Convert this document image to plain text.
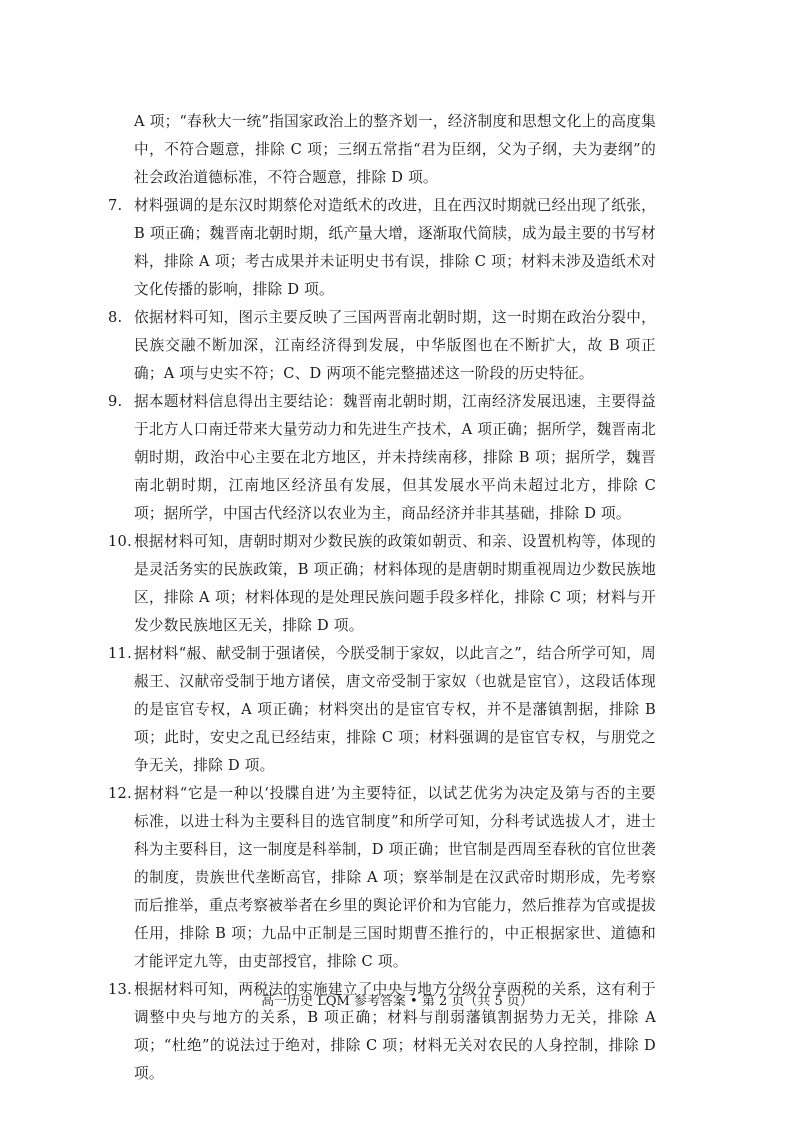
A 项；“春秋大一统”指国家政治上的整齐划一，经济制度和思想文化上的高度集中，不符合题意，排除 C 项；三纲五常指“君为臣纲，父为子纲，夫为妻纲”的社会政治道德标准，不符合题意，排除 D 项。

7. 材料强调的是东汉时期蔡伦对造纸术的改进，且在西汉时期就已经出现了纸张，B 项正确；魏晋南北朝时期，纸产量大增，逐渐取代简牍，成为最主要的书写材料，排除 A 项；考古成果并未证明史书有误，排除 C 项；材料未涉及造纸术对文化传播的影响，排除 D 项。

8. 依据材料可知，图示主要反映了三国两晋南北朝时期，这一时期在政治分裂中，民族交融不断加深，江南经济得到发展，中华版图也在不断扩大，故 B 项正确；A 项与史实不符；C、D 两项不能完整描述这一阶段的历史特征。

9. 据本题材料信息得出主要结论：魏晋南北朝时期，江南经济发展迅速，主要得益于北方人口南迁带来大量劳动力和先进生产技术，A 项正确；据所学，魏晋南北朝时期，政治中心主要在北方地区，并未持续南移，排除 B 项；据所学，魏晋南北朝时期，江南地区经济虽有发展，但其发展水平尚未超过北方，排除 C 项；据所学，中国古代经济以农业为主，商品经济并非其基础，排除 D 项。

10. 根据材料可知，唐朝时期对少数民族的政策如朝贡、和亲、设置机构等，体现的是灵活务实的民族政策，B 项正确；材料体现的是唐朝时期重视周边少数民族地区，排除 A 项；材料体现的是处理民族问题手段多样化，排除 C 项；材料与开发少数民族地区无关，排除 D 项。

11. 据材料“赧、献受制于强诸侯，今朕受制于家奴，以此言之”，结合所学可知，周赧王、汉献帝受制于地方诸侯，唐文帝受制于家奴（也就是宦官），这段话体现的是宦官专权，A 项正确；材料突出的是宦官专权，并不是藩镇割据，排除 B 项；此时，安史之乱已经结束，排除 C 项；材料强调的是宦官专权，与朋党之争无关，排除 D 项。

12. 据材料“它是一种以‘投牒自进’为主要特征，以试艺优劣为决定及第与否的主要标准，以进士科为主要科目的选官制度”和所学可知，分科考试选拔人才，进士科为主要科目，这一制度是科举制，D 项正确；世官制是西周至春秋的官位世袭的制度，贵族世代垄断高官，排除 A 项；察举制是在汉武帝时期形成，先考察而后推举，重点考察被举者在乡里的舆论评价和为官能力，然后推荐为官或提拔任用，排除 B 项；九品中正制是三国时期曹丕推行的，中正根据家世、道德和才能评定九等，由吏部授官，排除 C 项。

13. 根据材料可知，两税法的实施建立了中央与地方分级分享两税的关系，这有利于调整中央与地方的关系，B 项正确；材料与削弱藩镇割据势力无关，排除 A 项；“杜绝”的说法过于绝对，排除 C 项；材料无关对农民的人身控制，排除 D 项。

高一历史 LQM 参考答案 • 第 2 页（共 5 页）
